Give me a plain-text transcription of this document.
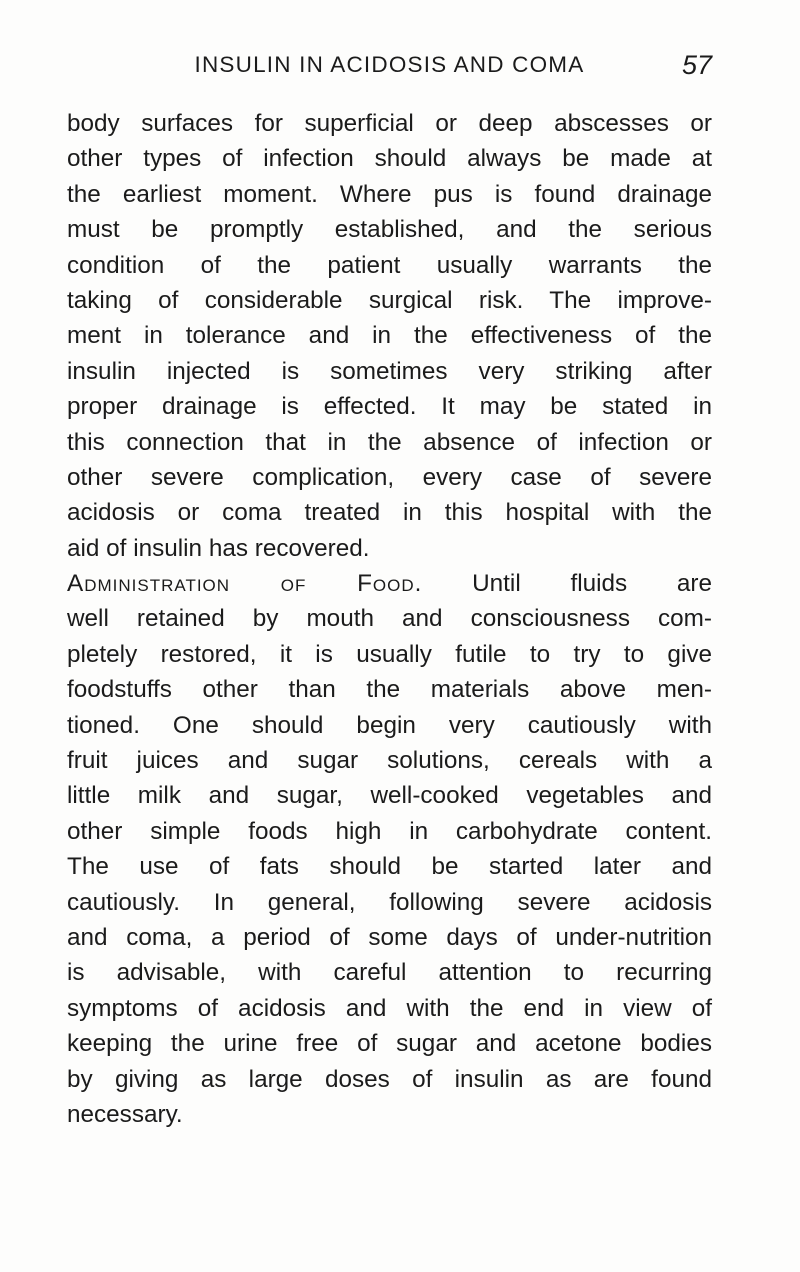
INSULIN IN ACIDOSIS AND COMA	57
body surfaces for superficial or deep abscesses or
other types of infection should always be made at
the earliest moment. Where pus is found drainage
must be promptly established, and the serious
condition of the patient usually warrants the
taking of considerable surgical risk. The improve-
ment in tolerance and in the effectiveness of the
insulin injected is sometimes very striking after
proper drainage is effected. It may be stated in
this connection that in the absence of infection or
other severe complication, every case of severe
acidosis or coma treated in this hospital with the
aid of insulin has recovered.
Administration of Food. Until fluids are
well retained by mouth and consciousness com-
pletely restored, it is usually futile to try to give
foodstuffs other than the materials above men-
tioned. One should begin very cautiously with
fruit juices and sugar solutions, cereals with a
little milk and sugar, well-cooked vegetables and
other simple foods high in carbohydrate content.
The use of fats should be started later and
cautiously. In general, following severe acidosis
and coma, a period of some days of under-nutrition
is advisable, with careful attention to recurring
symptoms of acidosis and with the end in view of
keeping the urine free of sugar and acetone bodies
by giving as large doses of insulin as are found
necessary.
